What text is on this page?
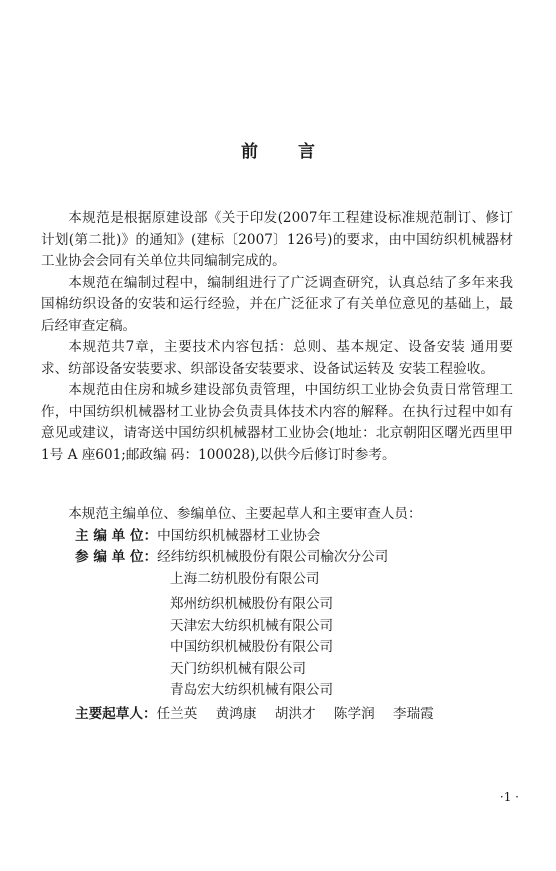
前 言

本规范是根据原建设部《关于印发(2007年工程建设标准规范制订、修订计划(第二批)》的通知》(建标〔2007〕126号)的要求，由中国纺织机械器材工业协会会同有关单位共同编制完成的。

本规范在编制过程中，编制组进行了广泛调查研究，认真总结了多年来我国棉纺织设备的安装和运行经验，并在广泛征求了有关单位意见的基础上，最后经审查定稿。

本规范共7章，主要技术内容包括：总则、基本规定、设备安装 通用要求、纺部设备安装要求、织部设备安装要求、设备试运转及 安装工程验收。

本规范由住房和城乡建设部负责管理，中国纺织工业协会负责日常管理工作，中国纺织机械器材工业协会负责具体技术内容的解释。在执行过程中如有意见或建议，请寄送中国纺织机械器材工业协会(地址：北京朝阳区曙光西里甲1号 A 座601;邮政编 码：100028),以供今后修订时参考。

本规范主编单位、参编单位、主要起草人和主要审查人员：
主 编 单 位 ： 中国纺织机械器材工业协会
参 编 单 位 ： 经纬纺织机械股份有限公司榆次分公司
上海二纺机股份有限公司
郑州纺织机械股份有限公司
天津宏大纺织机械有限公司
中国纺织机械股份有限公司
天门纺织机械有限公司
青岛宏大纺织机械有限公司
主要起草人 ： 任兰英 黄鸿康 胡洪才 陈学润 李瑞霞
·1 ·
